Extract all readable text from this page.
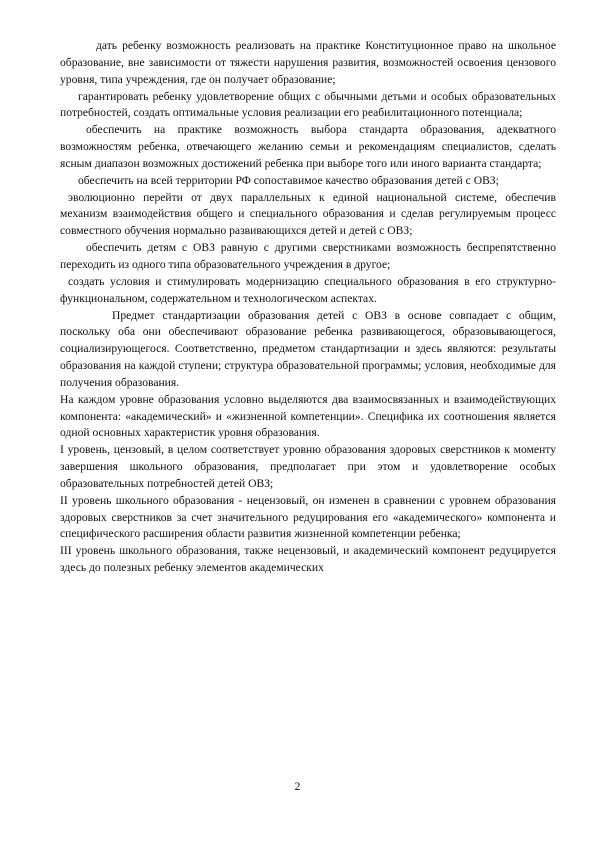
дать ребенку возможность реализовать на практике Конституционное право на школьное образование, вне зависимости от тяжести нарушения развития, возможностей освоения цензового уровня, типа учреждения, где он получает образование;

гарантировать ребенку удовлетворение общих с обычными детьми и особых образовательных потребностей, создать оптимальные условия реализации его реабилитационного потенциала;

обеспечить на практике возможность выбора стандарта образования, адекватного возможностям ребенка, отвечающего желанию семьи и рекомендациям специалистов, сделать ясным диапазон возможных достижений ребенка при выборе того или иного варианта стандарта;

обеспечить на всей территории РФ сопоставимое качество образования детей с ОВЗ;

эволюционно перейти от двух параллельных к единой национальной системе, обеспечив механизм взаимодействия общего и специального образования и сделав регулируемым процесс совместного обучения нормально развивающихся детей и детей с ОВЗ;

обеспечить детям с ОВЗ равную с другими сверстниками возможность беспрепятственно переходить из одного типа образовательного учреждения в другое;

создать условия и стимулировать модернизацию специального образования в его структурно-функциональном, содержательном и технологическом аспектах.

Предмет стандартизации образования детей с ОВЗ в основе совпадает с общим, поскольку оба они обеспечивают образование ребенка развивающегося, образовывающегося, социализирующегося. Соответственно, предметом стандартизации и здесь являются: результаты образования на каждой ступени; структура образовательной программы; условия, необходимые для получения образования.

На каждом уровне образования условно выделяются два взаимосвязанных и взаимодействующих компонента: «академический» и «жизненной компетенции». Специфика их соотношения является одной основных характеристик уровня образования.

I уровень, цензовый, в целом соответствует уровню образования здоровых сверстников к моменту завершения школьного образования, предполагает при этом и удовлетворение особых образовательных потребностей детей ОВЗ;

II уровень школьного образования - нецензовый, он изменен в сравнении с уровнем образования здоровых сверстников за счет значительного редуцирования его «академического» компонента и специфического расширения области развития жизненной компетенции ребенка;

III уровень школьного образования, также нецензовый, и академический компонент редуцируется здесь до полезных ребенку элементов академических

2
